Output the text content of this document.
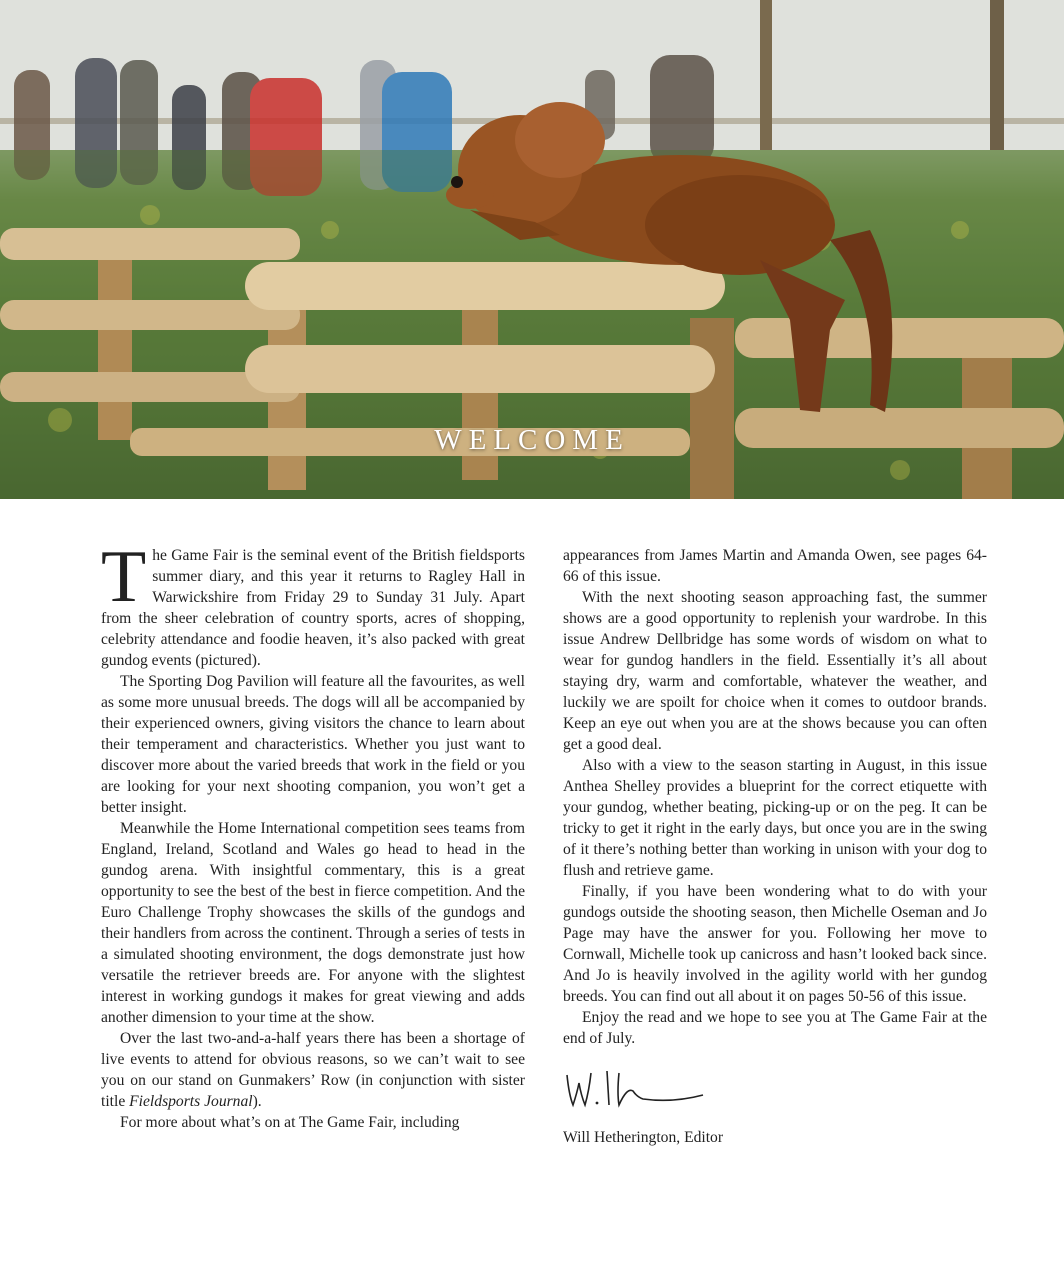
WELCOME

The Game Fair is the seminal event of the British fieldsports summer diary, and this year it returns to Ragley Hall in Warwickshire from Friday 29 to Sunday 31 July. Apart from the sheer celebration of country sports, acres of shopping, celebrity attendance and foodie heaven, it’s also packed with great gundog events (pictured).

The Sporting Dog Pavilion will feature all the favourites, as well as some more unusual breeds. The dogs will all be accompanied by their experienced owners, giving visitors the chance to learn about their temperament and characteristics. Whether you just want to discover more about the varied breeds that work in the field or you are looking for your next shooting companion, you won’t get a better insight.

Meanwhile the Home International competition sees teams from England, Ireland, Scotland and Wales go head to head in the gundog arena. With insightful commentary, this is a great opportunity to see the best of the best in fierce competition. And the Euro Challenge Trophy showcases the skills of the gundogs and their handlers from across the continent. Through a series of tests in a simulated shooting environment, the dogs demonstrate just how versatile the retriever breeds are. For anyone with the slightest interest in working gundogs it makes for great viewing and adds another dimension to your time at the show.

Over the last two-and-a-half years there has been a shortage of live events to attend for obvious reasons, so we can’t wait to see you on our stand on Gunmakers’ Row (in conjunction with sister title Fieldsports Journal).

For more about what’s on at The Game Fair, including

appearances from James Martin and Amanda Owen, see pages 64-66 of this issue.

With the next shooting season approaching fast, the summer shows are a good opportunity to replenish your wardrobe. In this issue Andrew Dellbridge has some words of wisdom on what to wear for gundog handlers in the field. Essentially it’s all about staying dry, warm and comfortable, whatever the weather, and luckily we are spoilt for choice when it comes to outdoor brands. Keep an eye out when you are at the shows because you can often get a good deal.

Also with a view to the season starting in August, in this issue Anthea Shelley provides a blueprint for the correct etiquette with your gundog, whether beating, picking-up or on the peg. It can be tricky to get it right in the early days, but once you are in the swing of it there’s nothing better than working in unison with your dog to flush and retrieve game.

Finally, if you have been wondering what to do with your gundogs outside the shooting season, then Michelle Oseman and Jo Page may have the answer for you. Following her move to Cornwall, Michelle took up canicross and hasn’t looked back since. And Jo is heavily involved in the agility world with her gundog breeds. You can find out all about it on pages 50-56 of this issue.

Enjoy the read and we hope to see you at The Game Fair at the end of July.

Will Hetherington, Editor
